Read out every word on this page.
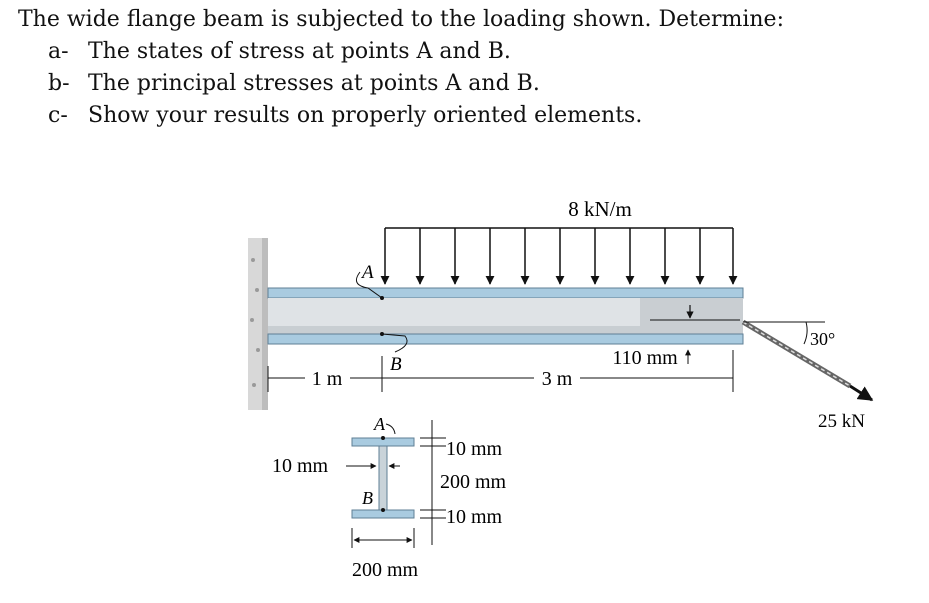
The wide flange beam is subjected to the loading shown. Determine:
a- The states of stress at points A and B.
b- The principal stresses at points A and B.
c- Show your results on properly oriented elements.
8 kN/m
A
B
1 m	3 m
110 mm
30°
25 kN
A
B
10 mm
200 mm
10 mm
10 mm
200 mm
